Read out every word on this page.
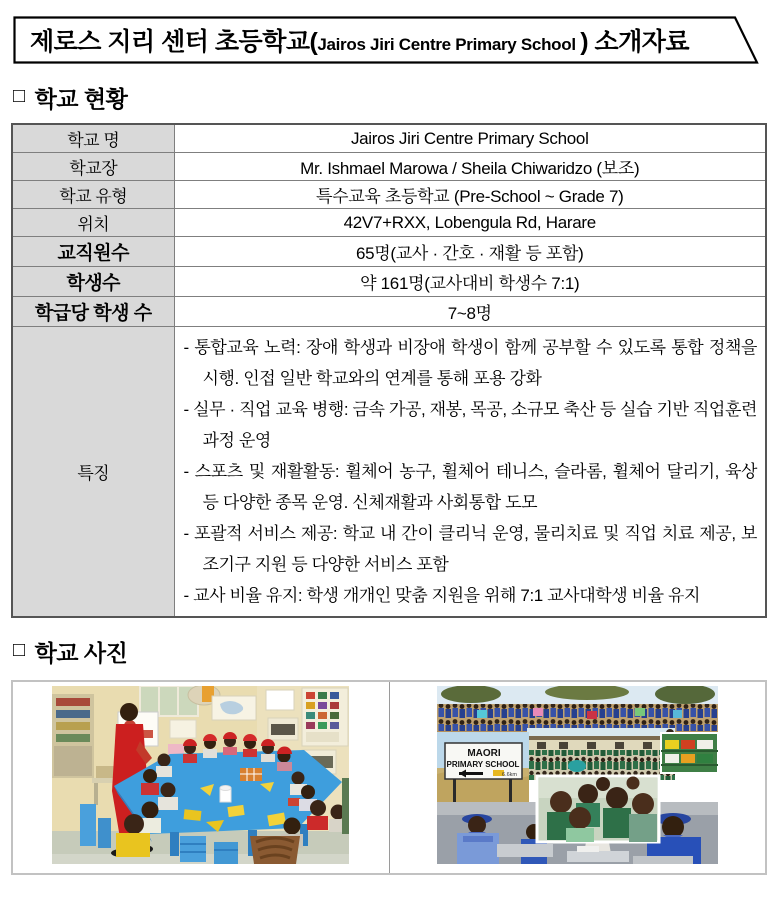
제로스 지리 센터 초등학교(Jairos Jiri Centre Primary School ) 소개자료
□ 학교 현황
학교 명	Jairos Jiri Centre Primary School
학교장	Mr. Ishmael Marowa / Sheila Chiwaridzo (보조)
학교 유형	특수교육 초등학교 (Pre-School ~ Grade 7)
위치	42V7+RXX, Lobengula Rd, Harare
교직원수	65명(교사 · 간호 · 재활 등 포함)
학생수	약 161명(교사대비 학생수 7:1)
학급당 학생 수	7~8명
특징	- 통합교육 노력: 장애 학생과 비장애 학생이 함께 공부할 수 있도록 통합 정책을 시행. 인접 일반 학교와의 연계를 통해 포용 강화
- 실무 · 직업 교육 병행: 금속 가공, 재봉, 목공, 소규모 축산 등 실습 기반 직업훈련 과정 운영
- 스포츠 및 재활활동: 휠체어 농구, 휠체어 테니스, 슬라롬, 휠체어 달리기, 육상 등 다양한 종목 운영. 신체재활과 사회통합 도모
- 포괄적 서비스 제공: 학교 내 간이 클리닉 운영, 물리치료 및 직업 치료 제공, 보조기구 지원 등 다양한 서비스 포함
- 교사 비율 유지: 학생 개개인 맞춤 지원을 위해 7:1 교사대학생 비율 유지
□ 학교 사진

MAORI
PRIMARY SCHOOL
6.6km
